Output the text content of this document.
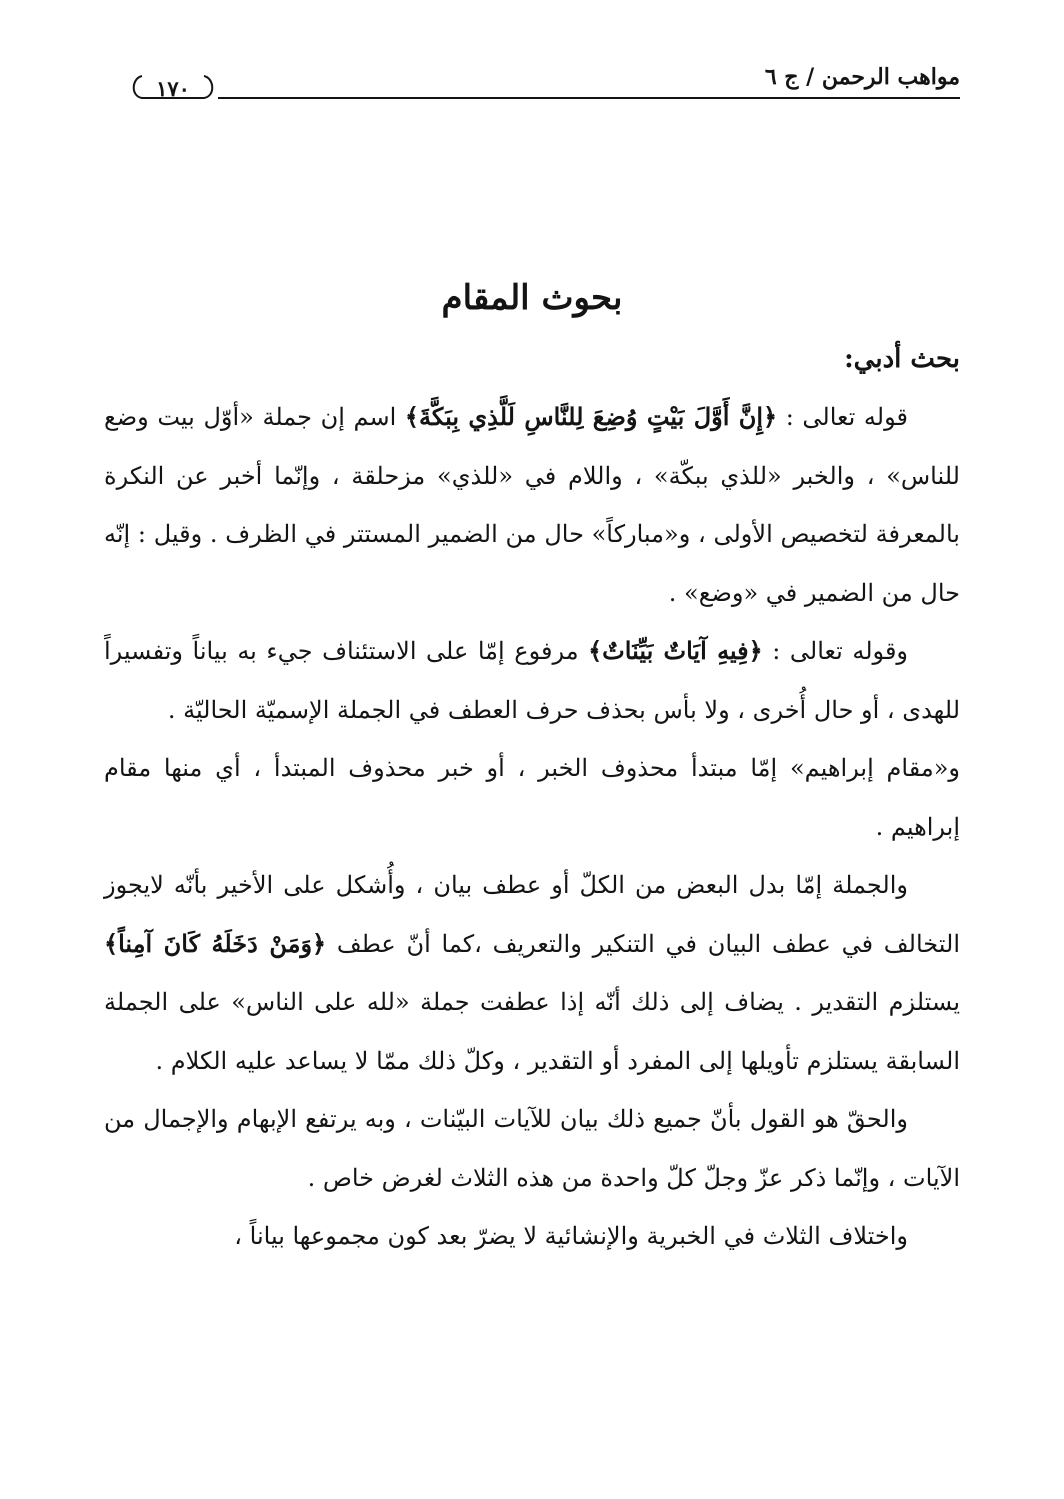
مواهب الرحمن / ج ٦
١٧٠
بحوث المقام
بحث أدبي:

قوله تعالى : ﴿إِنَّ أَوَّلَ بَيْتٍ وُضِعَ لِلنَّاسِ لَلَّذِي بِبَكَّةَ﴾ اسم إن جملة «أوّل بيت وضع للناس» ، والخبر «للذي ببكّة» ، واللام في «للذي» مزحلقة ، وإنّما أخبر عن النكرة بالمعرفة لتخصيص الأولى ، و«مباركاً» حال من الضمير المستتر في الظرف . وقيل : إنّه حال من الضمير في «وضع» .

وقوله تعالى : ﴿فِيهِ آيَاتٌ بَيِّنَاتٌ﴾ مرفوع إمّا على الاستئناف جيء به بياناً وتفسيراً للهدى ، أو حال أُخرى ، ولا بأس بحذف حرف العطف في الجملة الإسميّة الحاليّة .

و«مقام إبراهيم» إمّا مبتدأ محذوف الخبر ، أو خبر محذوف المبتدأ ، أي منها مقام إبراهيم .

والجملة إمّا بدل البعض من الكلّ أو عطف بيان ، وأُشكل على الأخير بأنّه لايجوز التخالف في عطف البيان في التنكير والتعريف ،كما أنّ عطف ﴿وَمَنْ دَخَلَهُ كَانَ آمِناً﴾ يستلزم التقدير . يضاف إلى ذلك أنّه إذا عطفت جملة «لله على الناس» على الجملة السابقة يستلزم تأويلها إلى المفرد أو التقدير ، وكلّ ذلك ممّا لا يساعد عليه الكلام .

والحقّ هو القول بأنّ جميع ذلك بيان للآيات البيّنات ، وبه يرتفع الإبهام والإجمال من الآيات ، وإنّما ذكر عزّ وجلّ كلّ واحدة من هذه الثلاث لغرض خاص .

واختلاف الثلاث في الخبرية والإنشائية لا يضرّ بعد كون مجموعها بياناً ،
